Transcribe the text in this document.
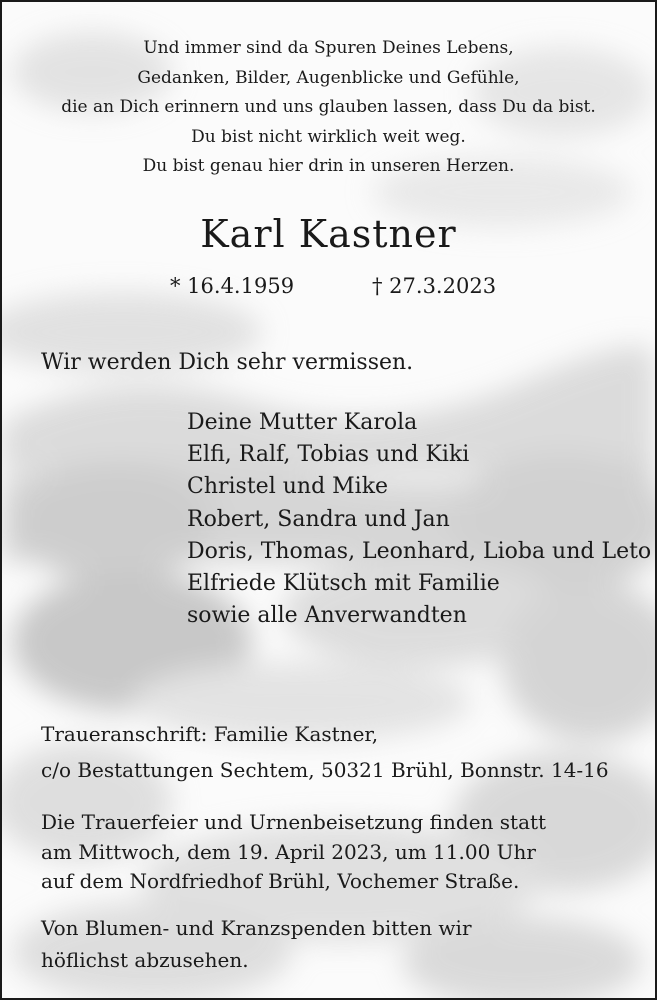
Und immer sind da Spuren Deines Lebens,
Gedanken, Bilder, Augenblicke und Gefühle,
die an Dich erinnern und uns glauben lassen, dass Du da bist.
Du bist nicht wirklich weit weg.
Du bist genau hier drin in unseren Herzen.
Karl Kastner
* 16.4.1959	† 27.3.2023
Wir werden Dich sehr vermissen.
Deine Mutter Karola
Elfi, Ralf, Tobias und Kiki
Christel und Mike
Robert, Sandra und Jan
Doris, Thomas, Leonhard, Lioba und Leto
Elfriede Klütsch mit Familie
sowie alle Anverwandten
Traueranschrift: Familie Kastner,
c/o Bestattungen Sechtem, 50321 Brühl, Bonnstr. 14-16
Die Trauerfeier und Urnenbeisetzung finden statt
am Mittwoch, dem 19. April 2023, um 11.00 Uhr
auf dem Nordfriedhof Brühl, Vochemer Straße.
Von Blumen- und Kranzspenden bitten wir
höflichst abzusehen.
